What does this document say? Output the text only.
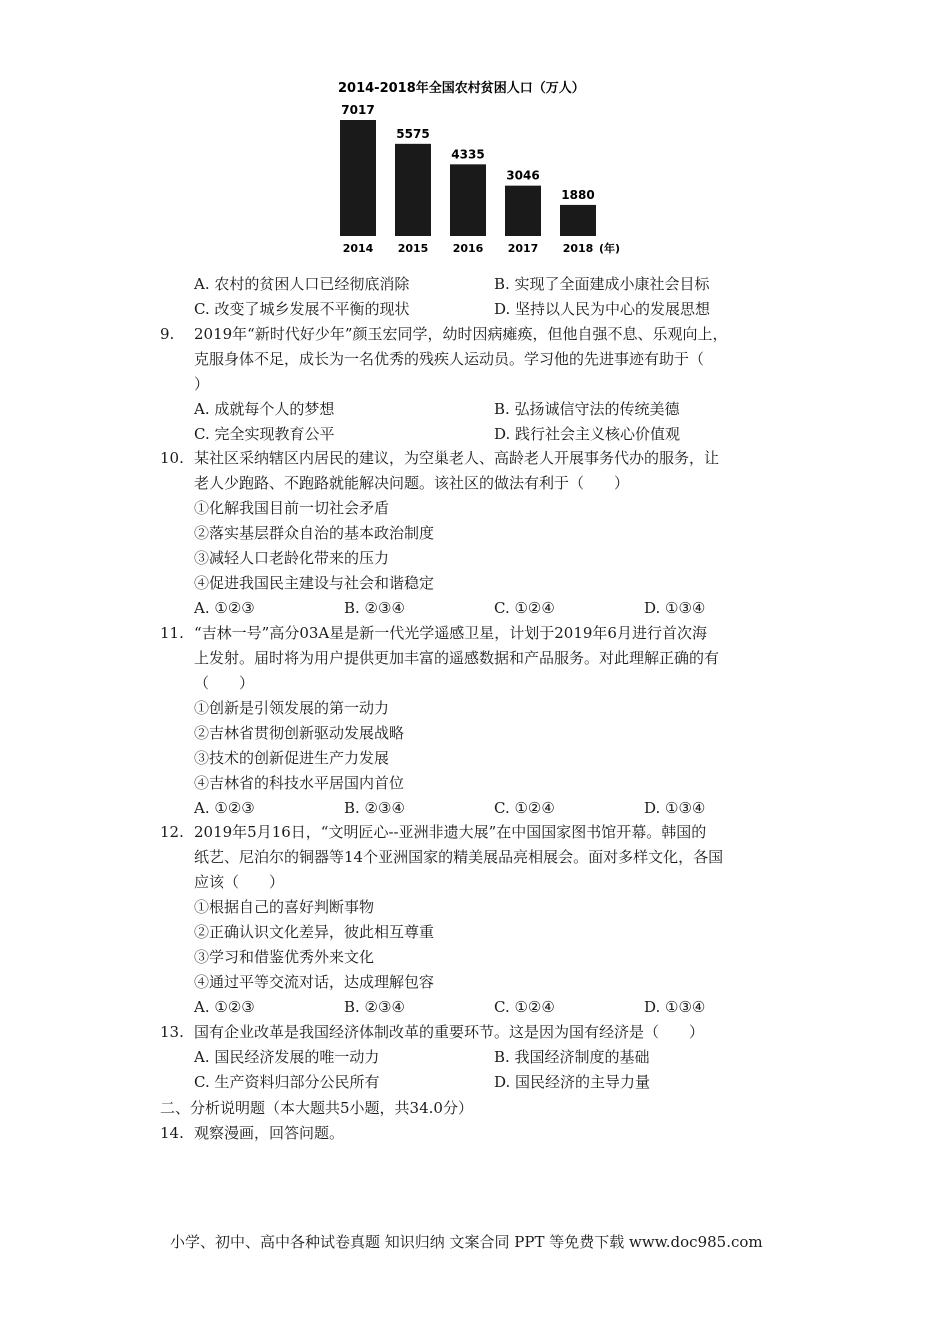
2014-2018年全国农村贫困人口（万人）
7017
2014
5575
2015
4335
2016
3046
2017
1880
2018 (年)
A. 农村的贫困人口已经彻底消除	B. 实现了全面建成小康社会目标
C. 改变了城乡发展不平衡的现状	D. 坚持以人民为中心的发展思想
9. 2019年“新时代好少年”颜玉宏同学，幼时因病瘫痪，但他自强不息、乐观向上，
克服身体不足，成长为一名优秀的残疾人运动员。学习他的先进事迹有助于（
）
A. 成就每个人的梦想	B. 弘扬诚信守法的传统美德
C. 完全实现教育公平	D. 践行社会主义核心价值观
10. 某社区采纳辖区内居民的建议，为空巢老人、高龄老人开展事务代办的服务，让
老人少跑路、不跑路就能解决问题。该社区的做法有利于（　　）
①化解我国目前一切社会矛盾
②落实基层群众自治的基本政治制度
③减轻人口老龄化带来的压力
④促进我国民主建设与社会和谐稳定
A. ①②③	B. ②③④	C. ①②④	D. ①③④
11. “吉林一号”高分03A星是新一代光学遥感卫星，计划于2019年6月进行首次海
上发射。届时将为用户提供更加丰富的遥感数据和产品服务。对此理解正确的有
（　　）
①创新是引领发展的第一动力
②吉林省贯彻创新驱动发展战略
③技术的创新促进生产力发展
④吉林省的科技水平居国内首位
A. ①②③	B. ②③④	C. ①②④	D. ①③④
12. 2019年5月16日，“文明匠心--亚洲非遗大展”在中国国家图书馆开幕。韩国的
纸艺、尼泊尔的铜器等14个亚洲国家的精美展品亮相展会。面对多样文化，各国
应该（　　）
①根据自己的喜好判断事物
②正确认识文化差异，彼此相互尊重
③学习和借鉴优秀外来文化
④通过平等交流对话，达成理解包容
A. ①②③	B. ②③④	C. ①②④	D. ①③④
13. 国有企业改革是我国经济体制改革的重要环节。这是因为国有经济是（　　）
A. 国民经济发展的唯一动力	B. 我国经济制度的基础
C. 生产资料归部分公民所有	D. 国民经济的主导力量
二、分析说明题（本大题共5小题，共34.0分）
14. 观察漫画，回答问题。
小学、初中、高中各种试卷真题 知识归纳 文案合同 PPT 等免费下载 www.doc985.com
